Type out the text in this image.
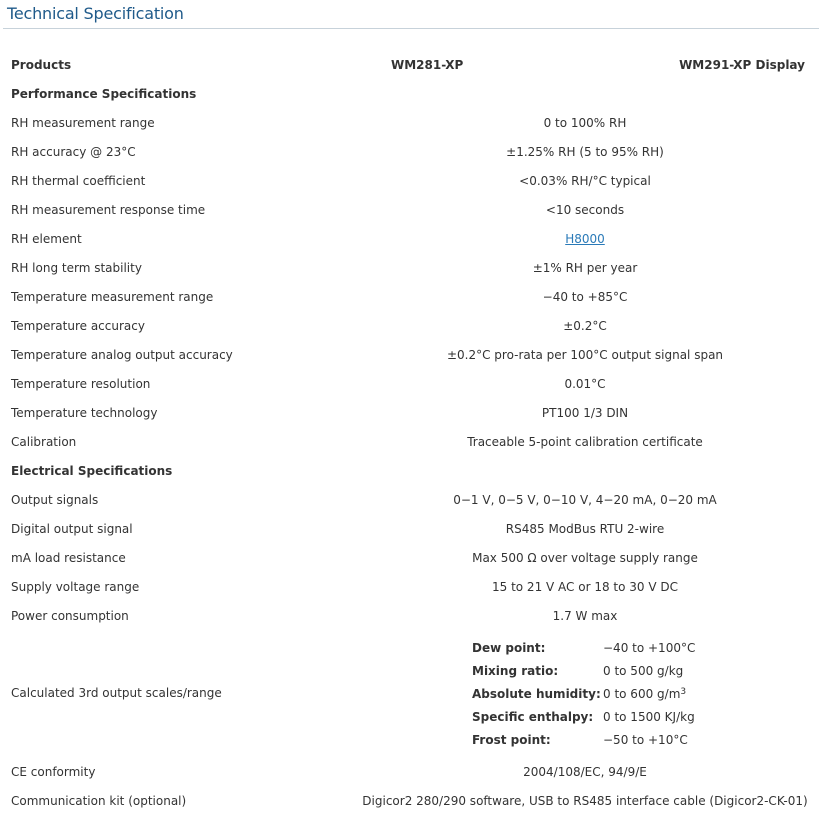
Technical Specification
Products	WM281-XP	WM291-XP Display
Performance Specifications
RH measurement range	0 to 100% RH
RH accuracy @ 23°C	±1.25% RH (5 to 95% RH)
RH thermal coefficient	<0.03% RH/°C typical
RH measurement response time	<10 seconds
RH element	H8000
RH long term stability	±1% RH per year
Temperature measurement range	−40 to +85°C
Temperature accuracy	±0.2°C
Temperature analog output accuracy	±0.2°C pro-rata per 100°C output signal span
Temperature resolution	0.01°C
Temperature technology	PT100 1/3 DIN
Calibration	Traceable 5-point calibration certificate
Electrical Specifications
Output signals	0−1 V, 0−5 V, 0−10 V, 4−20 mA, 0−20 mA
Digital output signal	RS485 ModBus RTU 2-wire
mA load resistance	Max 500 Ω over voltage supply range
Supply voltage range	15 to 21 V AC or 18 to 30 V DC
Power consumption	1.7 W max
Calculated 3rd output scales/range
Dew point:	−40 to +100°C
Mixing ratio:	0 to 500 g/kg
Absolute humidity: 0 to 600 $g/m^3$
Specific enthalpy: 0 to 1500 KJ/kg
Frost point:	−50 to +10°C
CE conformity	2004/108/EC, 94/9/E
Communication kit (optional)	Digicor2 280/290 software, USB to RS485 interface cable (Digicor2-CK-01)
